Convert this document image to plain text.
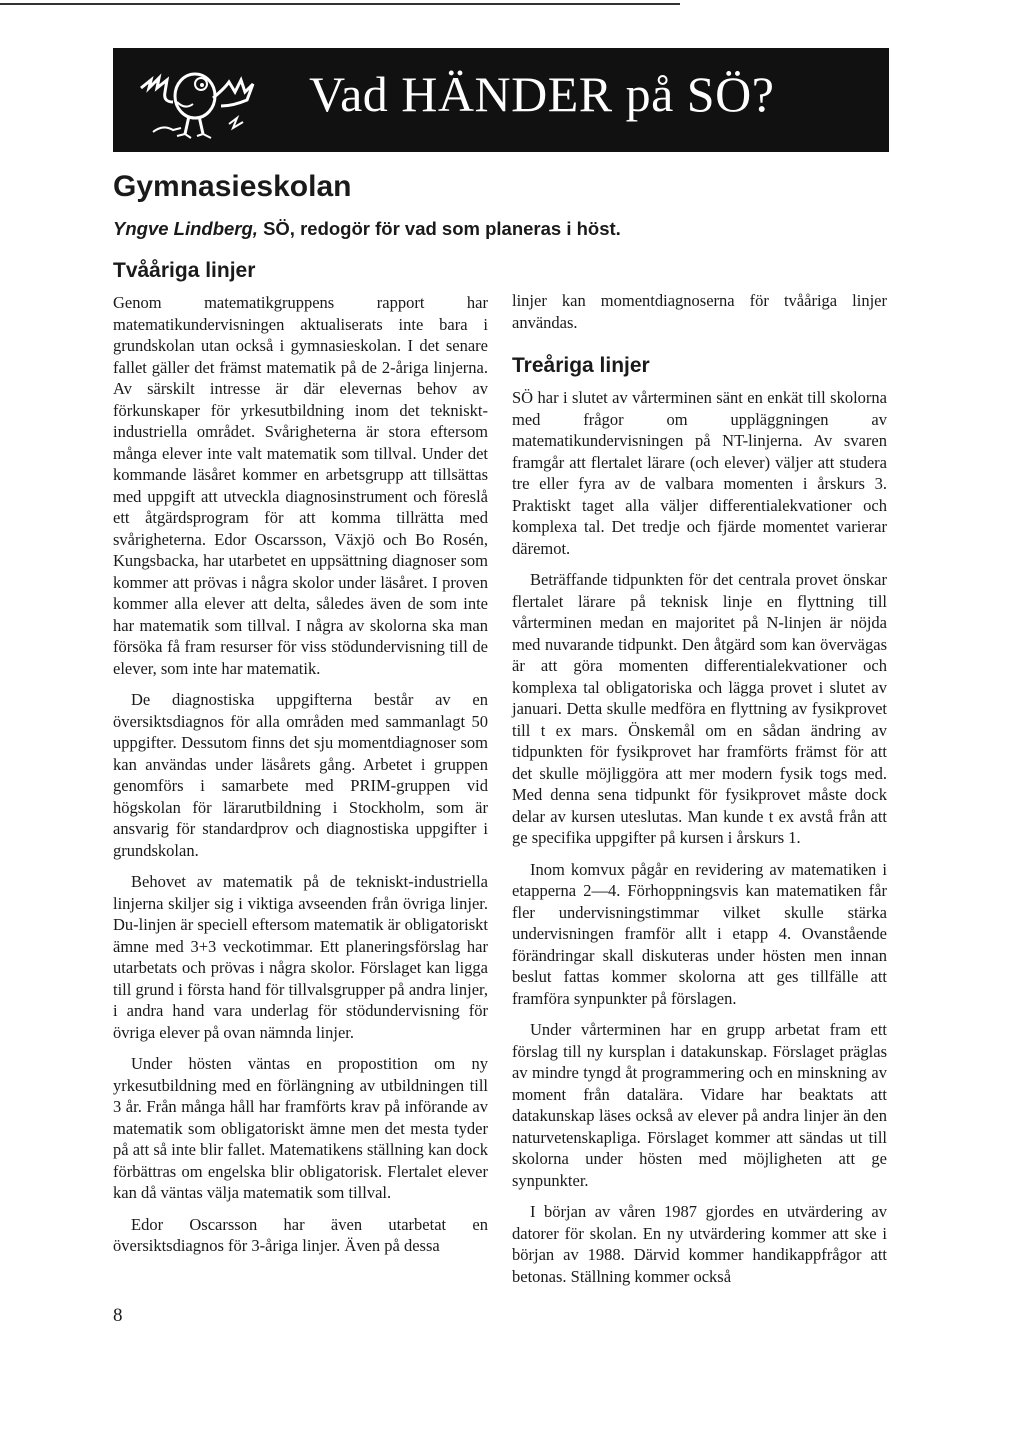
Vad HÄNDER på SÖ?
Gymnasieskolan
Yngve Lindberg, SÖ, redogör för vad som planeras i höst.
Tvååriga linjer

Genom matematikgruppens rapport har matematikundervisningen aktualiserats inte bara i grundskolan utan också i gymnasieskolan. I det senare fallet gäller det främst matematik på de 2-åriga linjerna. Av särskilt intresse är där elevernas behov av förkunskaper för yrkesutbildning inom det tekniskt-industriella området. Svårigheterna är stora eftersom många elever inte valt matematik som tillval. Under det kommande läsåret kommer en arbetsgrupp att tillsättas med uppgift att utveckla diagnosinstrument och föreslå ett åtgärdsprogram för att komma tillrätta med svårigheterna. Edor Oscarsson, Växjö och Bo Rosén, Kungsbacka, har utarbetet en uppsättning diagnoser som kommer att prövas i några skolor under läsåret. I proven kommer alla elever att delta, således även de som inte har matematik som tillval. I några av skolorna ska man försöka få fram resurser för viss stödundervisning till de elever, som inte har matematik.

De diagnostiska uppgifterna består av en översiktsdiagnos för alla områden med sammanlagt 50 uppgifter. Dessutom finns det sju momentdiagnoser som kan användas under läsårets gång. Arbetet i gruppen genomförs i samarbete med PRIM-gruppen vid högskolan för lärarutbildning i Stockholm, som är ansvarig för standardprov och diagnostiska uppgifter i grundskolan.

Behovet av matematik på de tekniskt-industriella linjerna skiljer sig i viktiga avseenden från övriga linjer. Du-linjen är speciell eftersom matematik är obligatoriskt ämne med 3+3 veckotimmar. Ett planeringsförslag har utarbetats och prövas i några skolor. Förslaget kan ligga till grund i första hand för tillvalsgrupper på andra linjer, i andra hand vara underlag för stödundervisning för övriga elever på ovan nämnda linjer.

Under hösten väntas en propostition om ny yrkesutbildning med en förlängning av utbildningen till 3 år. Från många håll har framförts krav på införande av matematik som obligatoriskt ämne men det mesta tyder på att så inte blir fallet. Matematikens ställning kan dock förbättras om engelska blir obligatorisk. Flertalet elever kan då väntas välja matematik som tillval.

Edor Oscarsson har även utarbetat en översiktsdiagnos för 3-åriga linjer. Även på dessa

linjer kan momentdiagnoserna för tvååriga linjer användas.

Treåriga linjer

SÖ har i slutet av vårterminen sänt en enkät till skolorna med frågor om uppläggningen av matematikundervisningen på NT-linjerna. Av svaren framgår att flertalet lärare (och elever) väljer att studera tre eller fyra av de valbara momenten i årskurs 3. Praktiskt taget alla väljer differentialekvationer och komplexa tal. Det tredje och fjärde momentet varierar däremot.

Beträffande tidpunkten för det centrala provet önskar flertalet lärare på teknisk linje en flyttning till vårterminen medan en majoritet på N-linjen är nöjda med nuvarande tidpunkt. Den åtgärd som kan övervägas är att göra momenten differentialekvationer och komplexa tal obligatoriska och lägga provet i slutet av januari. Detta skulle medföra en flyttning av fysikprovet till t ex mars. Önskemål om en sådan ändring av tidpunkten för fysikprovet har framförts främst för att det skulle möjliggöra att mer modern fysik togs med. Med denna sena tidpunkt för fysikprovet måste dock delar av kursen uteslutas. Man kunde t ex avstå från att ge specifika uppgifter på kursen i årskurs 1.

Inom komvux pågår en revidering av matematiken i etapperna 2—4. Förhoppningsvis kan matematiken får fler undervisningstimmar vilket skulle stärka undervisningen framför allt i etapp 4. Ovanstående förändringar skall diskuteras under hösten men innan beslut fattas kommer skolorna att ges tillfälle att framföra synpunkter på förslagen.

Under vårterminen har en grupp arbetat fram ett förslag till ny kursplan i datakunskap. Förslaget präglas av mindre tyngd åt programmering och en minskning av moment från datalära. Vidare har beaktats att datakunskap läses också av elever på andra linjer än den naturvetenskapliga. Förslaget kommer att sändas ut till skolorna under hösten med möjligheten att ge synpunkter.

I början av våren 1987 gjordes en utvärdering av datorer för skolan. En ny utvärdering kommer att ske i början av 1988. Därvid kommer handikappfrågor att betonas. Ställning kommer också

8
